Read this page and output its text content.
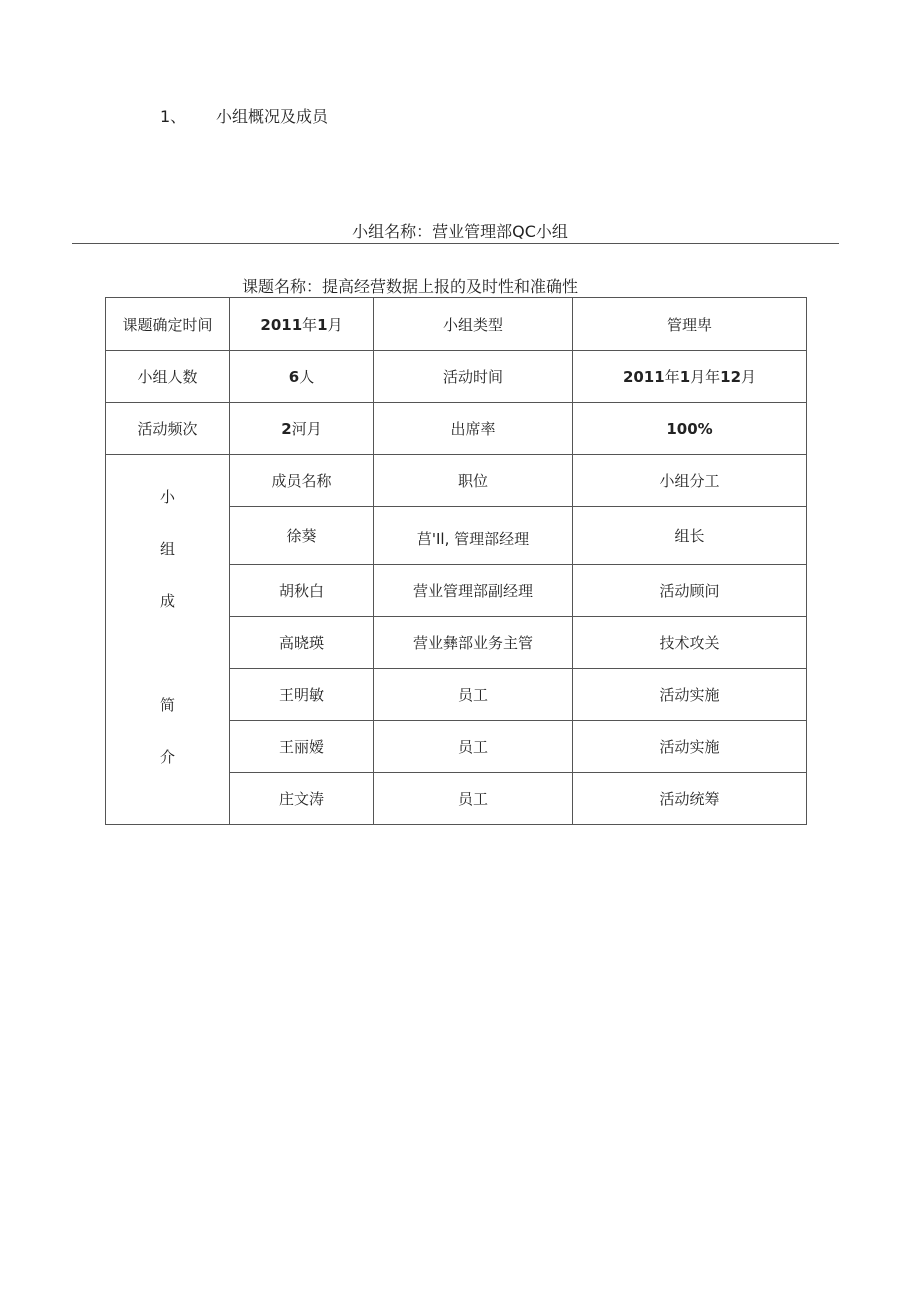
1、 小组概况及成员
小组名称：营业管理部QC小组
课题名称：提高经营数据上报的及时性和准确性
课题确定时间	2011年1月	小组类型	管理卑
小组人数	6人	活动时间	2011年1月年12月
活动频次	2河月	出席率	100%

小
组
成
简
介	成员名称	职位	小组分工
	徐葵	莒'Il, 管理部经理	组长
	胡秋白	营业管理部副经理	活动顾问
	高晓瑛	营业彝部业务主管	技术攻关
	王明敏	员工	活动实施
	王丽嫒	员工	活动实施
	庄文涛	员工	活动统筹
